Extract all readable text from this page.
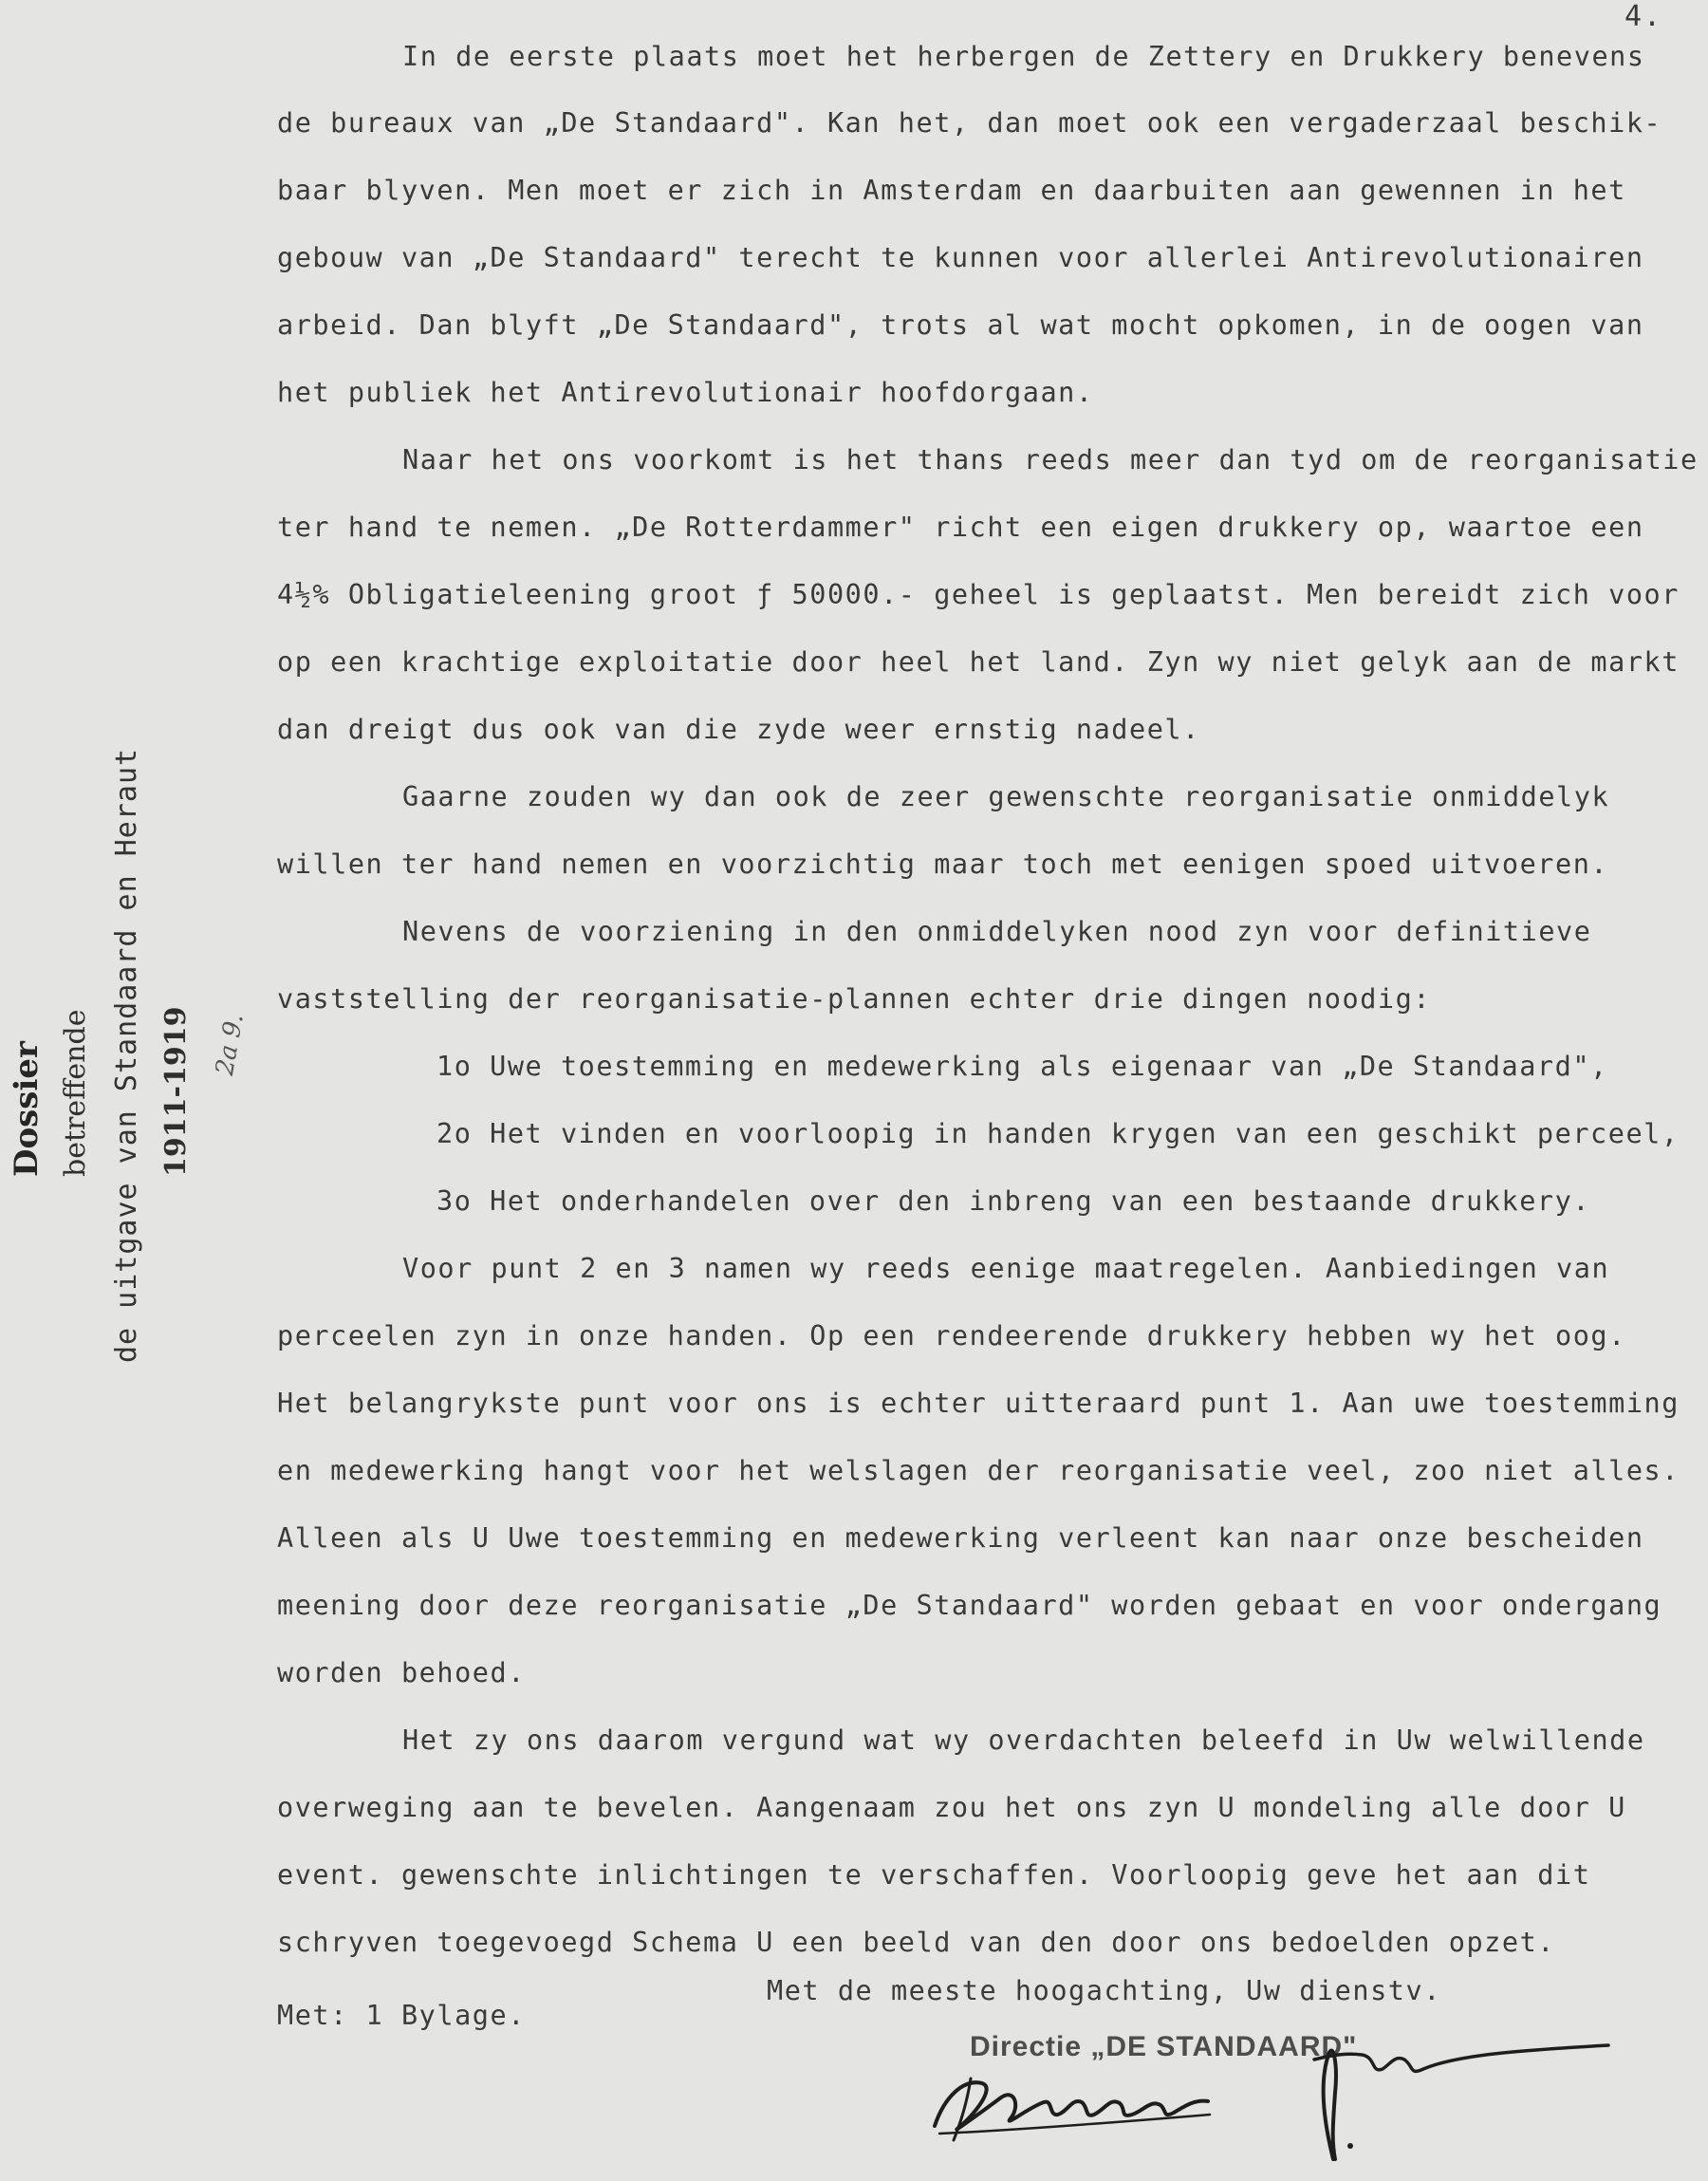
4.
In de eerste plaats moet het herbergen de Zettery en Drukkery benevens
de bureaux van „De Standaard". Kan het, dan moet ook een vergaderzaal beschik-
baar blyven. Men moet er zich in Amsterdam en daarbuiten aan gewennen in het
gebouw van „De Standaard" terecht te kunnen voor allerlei Antirevolutionairen
arbeid. Dan blyft „De Standaard", trots al wat mocht opkomen, in de oogen van
het publiek het Antirevolutionair hoofdorgaan.
Naar het ons voorkomt is het thans reeds meer dan tyd om de reorganisatie
ter hand te nemen. „De Rotterdammer" richt een eigen drukkery op, waartoe een
4½% Obligatieleening groot ƒ 50000.- geheel is geplaatst. Men bereidt zich voor
op een krachtige exploitatie door heel het land. Zyn wy niet gelyk aan de markt
dan dreigt dus ook van die zyde weer ernstig nadeel.
Gaarne zouden wy dan ook de zeer gewenschte reorganisatie onmiddelyk
willen ter hand nemen en voorzichtig maar toch met eenigen spoed uitvoeren.
Nevens de voorziening in den onmiddelyken nood zyn voor definitieve
vaststelling der reorganisatie-plannen echter drie dingen noodig:
1o Uwe toestemming en medewerking als eigenaar van „De Standaard",
2o Het vinden en voorloopig in handen krygen van een geschikt perceel,
3o Het onderhandelen over den inbreng van een bestaande drukkery.
Voor punt 2 en 3 namen wy reeds eenige maatregelen. Aanbiedingen van
perceelen zyn in onze handen. Op een rendeerende drukkery hebben wy het oog.
Het belangrykste punt voor ons is echter uitteraard punt 1. Aan uwe toestemming
en medewerking hangt voor het welslagen der reorganisatie veel, zoo niet alles.
Alleen als U Uwe toestemming en medewerking verleent kan naar onze bescheiden
meening door deze reorganisatie „De Standaard" worden gebaat en voor ondergang
worden behoed.
Het zy ons daarom vergund wat wy overdachten beleefd in Uw welwillende
overweging aan te bevelen. Aangenaam zou het ons zyn U mondeling alle door U
event. gewenschte inlichtingen te verschaffen. Voorloopig geve het aan dit
schryven toegevoegd Schema U een beeld van den door ons bedoelden opzet.
Met de meeste hoogachting, Uw dienstv.
Met: 1 Bylage.
Dossier betreffende de uitgave van Standaard en Heraut 1911-1919 2a 9.
Directie „DE STANDAARD"
